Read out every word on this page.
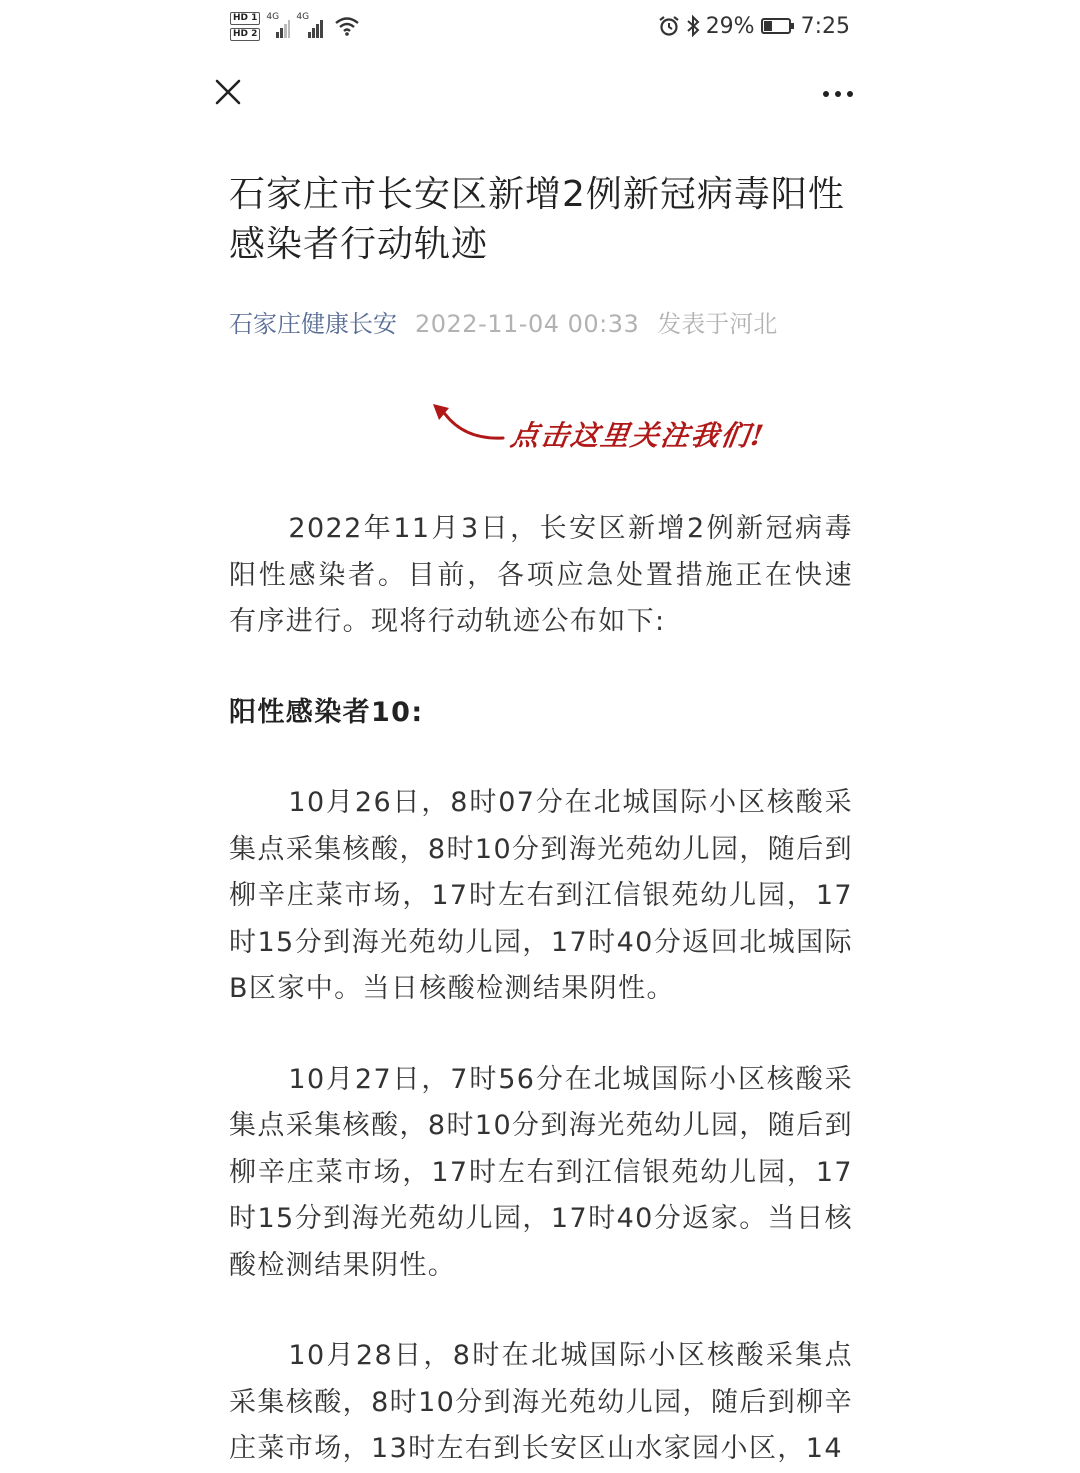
HD 1
HD 2
4G 4G	29% 7:25
石家庄市长安区新增2例新冠病毒阳性感染者行动轨迹
石家庄健康长安 2022-11-04 00:33 发表于河北
点击这里关注我们!

2022年11月3日，长安区新增2例新冠病毒阳性感染者。目前，各项应急处置措施正在快速有序进行。现将行动轨迹公布如下:

阳性感染者10:

10月26日，8时07分在北城国际小区核酸采集点采集核酸，8时10分到海光苑幼儿园，随后到柳辛庄菜市场，17时左右到江信银苑幼儿园，17时15分到海光苑幼儿园，17时40分返回北城国际B区家中。当日核酸检测结果阴性。

10月27日，7时56分在北城国际小区核酸采集点采集核酸，8时10分到海光苑幼儿园，随后到柳辛庄菜市场，17时左右到江信银苑幼儿园，17时15分到海光苑幼儿园，17时40分返家。当日核酸检测结果阴性。

10月28日，8时在北城国际小区核酸采集点采集核酸，8时10分到海光苑幼儿园，随后到柳辛庄菜市场，13时左右到长安区山水家园小区，14
